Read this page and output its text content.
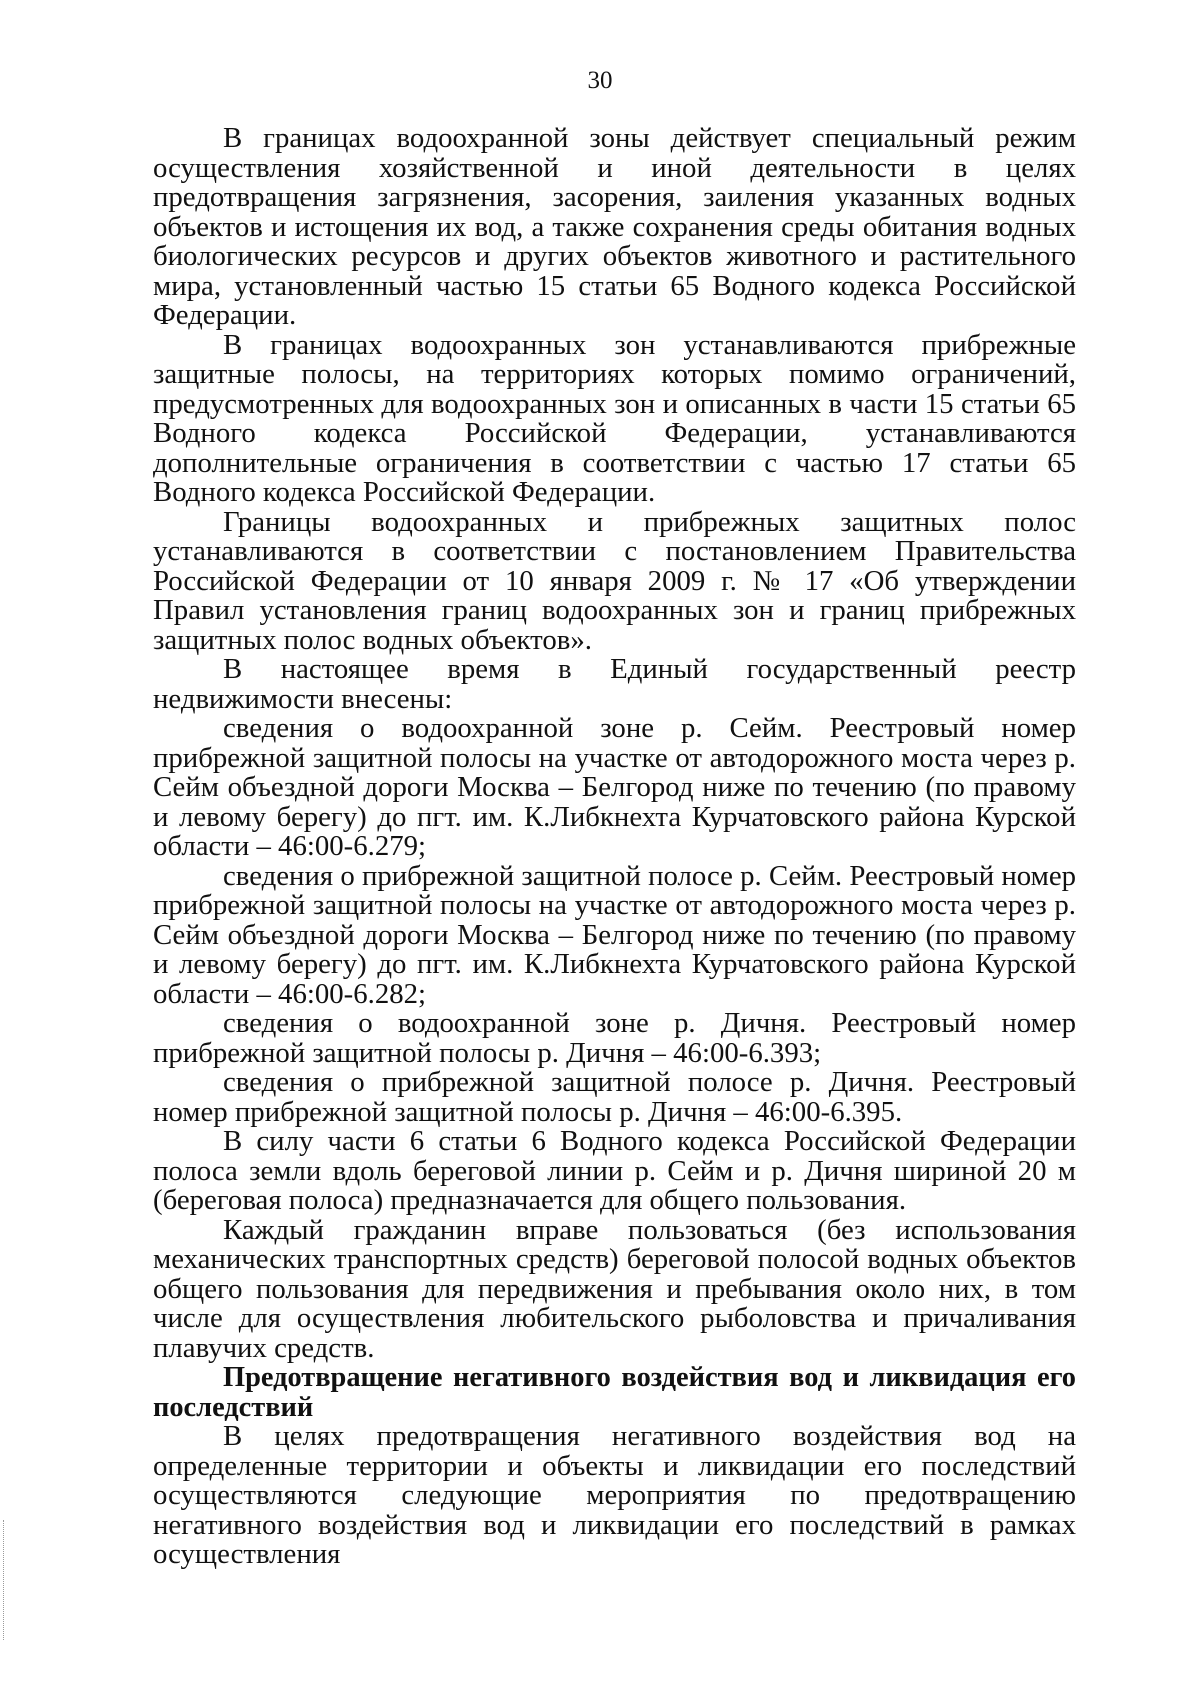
30

В границах водоохранной зоны действует специальный режим осуществления хозяйственной и иной деятельности в целях предотвращения загрязнения, засорения, заиления указанных водных объектов и истощения их вод, а также сохранения среды обитания водных биологических ресурсов и других объектов животного и растительного мира, установленный частью 15 статьи 65 Водного кодекса Российской Федерации.

В границах водоохранных зон устанавливаются прибрежные защитные полосы, на территориях которых помимо ограничений, предусмотренных для водоохранных зон и описанных в части 15 статьи 65 Водного кодекса Российской Федерации, устанавливаются дополнительные ограничения в соответствии с частью 17 статьи 65 Водного кодекса Российской Федерации.

Границы водоохранных и прибрежных защитных полос устанавливаются в соответствии с постановлением Правительства Российской Федерации от 10 января 2009 г. № 17 «Об утверждении Правил установления границ водоохранных зон и границ прибрежных защитных полос водных объектов».

В настоящее время в Единый государственный реестр недвижимости внесены:

сведения о водоохранной зоне р. Сейм. Реестровый номер прибрежной защитной полосы на участке от автодорожного моста через р. Сейм объездной дороги Москва – Белгород ниже по течению (по правому и левому берегу) до пгт. им. К.Либкнехта Курчатовского района Курской области – 46:00-6.279;

сведения о прибрежной защитной полосе р. Сейм. Реестровый номер прибрежной защитной полосы на участке от автодорожного моста через р. Сейм объездной дороги Москва – Белгород ниже по течению (по правому и левому берегу) до пгт. им. К.Либкнехта Курчатовского района Курской области – 46:00-6.282;

сведения о водоохранной зоне р. Дичня. Реестровый номер прибрежной защитной полосы р. Дичня – 46:00-6.393;

сведения о прибрежной защитной полосе р. Дичня. Реестровый номер прибрежной защитной полосы р. Дичня – 46:00-6.395.

В силу части 6 статьи 6 Водного кодекса Российской Федерации полоса земли вдоль береговой линии р. Сейм и р. Дичня шириной 20 м (береговая полоса) предназначается для общего пользования.

Каждый гражданин вправе пользоваться (без использования механических транспортных средств) береговой полосой водных объектов общего пользования для передвижения и пребывания около них, в том числе для осуществления любительского рыболовства и причаливания плавучих средств.

Предотвращение негативного воздействия вод и ликвидация его последствий

В целях предотвращения негативного воздействия вод на определенные территории и объекты и ликвидации его последствий осуществляются следующие мероприятия по предотвращению негативного воздействия вод и ликвидации его последствий в рамках осуществления
